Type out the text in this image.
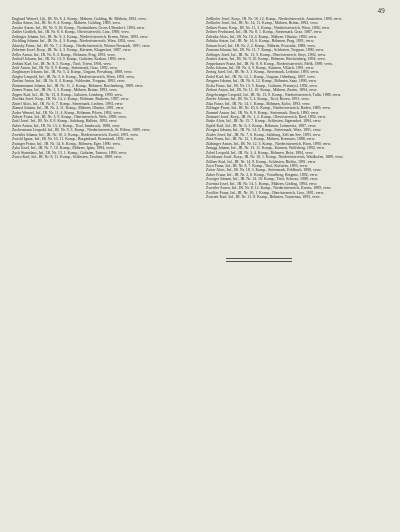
49

Englund Wenzel, Lth., IR. Nr. 8, 4. Komp., Mähren, Golding, Br. Blüheia, 1892, verw.

Zettka Anton, Inf., IR. Nr. 8, 4. Komp., Mähren, Golding, 1889, verw.

Zasche Anton, Inf., IR. Nr. 9, 10. Komp., Nordmähren, Gross-Ullersdorf, 1894, verw.

Zahler Gottlieb, Inf., IR. Nr. 8, 6. Komp., Oberösterreich, Linz, 1890, verw.

Zeilinger Johann, Inf., IR. Nr. 9, 2. Komp., Niederösterreich, Krems, Wien, 1893, verw.

Zöchling Johann, Inf., IR. Nr. 4, 3. Komp., Niederösterreich, Wien, 1892, verw.

Zdarsky Franz, Inf., IR. Nr. 7, 2. Komp., Niederösterreich, Wiener-Neustadt, 1891, verw.

Zehetner Josef, Korp., IR. Nr. 2, 5. Komp., Kärnten, Klagenfurt, 1887, verw.

Zeller Anton, Inf., IR. Nr. 8, 4. Komp., Böhmen, Prag, 1893, verw.

Zerhoff Johann, Inf., IR. Nr. 13, 9. Komp., Galizien, Krakau, 1890, verw.

Zerbini Karl, Inf., IR. Nr. 8, 5. Komp., Tirol, Trient, 1894, verw.

Zettl Anton, Inf., IR. Nr. 9, 9. Komp., Steiermark, Graz, 1892, verw.

Zieglmayer Johann, Inf., IR. Nr. 5, 4. Komp., Ungarn, Pressburg, 1888, verw.

Ziegler Leopold, Inf., IR. Nr. 5, 6. Komp., Niederösterreich, Wien, 1891, verw.

Zierhut Anton, Inf., IR. Nr. 8, 4. Komp., Schlesien, Troppau, 1892, verw.

Zimmermann Johann, Inf., IR. Nr. 11, 2. Komp., Böhmen, Reichenberg, 1889, verw.

Zinner Franz, Inf., IR. Nr. 1, 3. Komp., Mähren, Brünn, 1893, verw.

Zipper Karl, Inf., IR. Nr. 13, 8. Komp., Galizien, Lemberg, 1890, verw.

Zischka Josef, Korp., IR. Nr. 14, 2. Komp., Böhmen, Budweis, 1887, verw.

Zitterl Alois, Inf., IR. Nr. 6, 7. Komp., Steiermark, Leoben, 1894, verw.

Zlamal Johann, Inf., IR. Nr. 2, 11. Komp., Mähren, Olmütz, 1891, verw.

Zoder Wenzel, Inf., IR. Nr. 11, 4. Komp., Böhmen, Pilsen, 1892, verw.

Zöhrer Franz, Inf., IR. Nr. 3, 9. Komp., Oberösterreich, Wels, 1890, verw.

Zottl Josef, Inf., IR. Nr. 8, 8. Komp., Salzburg, Hallein, 1893, verw.

Zuber Anton, Inf., IR. Nr. 13, 4. Komp., Tirol, Innsbruck, 1888, verw.

Zuckermann Leopold, Inf., IR. Nr. 9, 3. Komp., Niederösterreich, St. Pölten, 1889, verw.

Zwettler Johann, Inf., IR. Nr. 10, 2. Komp., Niederösterreich, Zwettl, 1891, verw.

Zwickl Ignaz, Inf., IR. Nr. 10, 11. Komp., Burgenland, Eisenstadt, 1892, verw.

Zwinger Franz, Inf., IR. Nr. 14, 6. Komp., Böhmen, Eger, 1890, verw.

Zyka Josef, Inf., IR. Nr. 7, 10. Komp., Mähren, Iglau, 1894, verw.

Zych Stanislaus, Inf., IR. Nr. 13, 1. Komp., Galizien, Tarnow, 1893, verw.

Zwirn Karl, Inf., IR. Nr. 8, 11. Komp., Schlesien, Teschen, 1889, verw.

Zellhofer Josef, Korp., IR. Nr. 10, 12. Komp., Niederösterreich, Amstetten, 1890, verw.

Zeilhofer Josef, Inf., IR. Nr. 14, 11. Komp., Mähren, Brünn, 1892, verw.

Zeilner Franz, Korp., IR. Nr. 11, 3. Komp., Niederösterreich, Wien, 1894, verw.

Zeilner Ferdinand, Inf., IR. Nr. 8, 1. Komp., Steiermark, Graz, 1887, verw.

Zelenka Alois, Inf., IR. Nr. 10, 4. Komp., Mähren, Olmütz, 1893, verw.

Zelinka Anton, Inf., IR. Nr. 14, 6. Komp., Böhmen, Prag, 1891, verw.

Zeman Josef, Inf., IR. Nr. 2, 2. Komp., Mähren, Prossnitz, 1888, verw.

Zemann Johann, Inf., IR. Nr. 11, 7. Komp., Schlesien, Troppau, 1890, verw.

Zeilinger Josef, Inf., IR. Nr. 13, 5. Komp., Oberösterreich, Steyr, 1892, verw.

Zenker Anton, Inf., IR. Nr. 9, 10. Komp., Böhmen, Reichenberg, 1894, verw.

Zeppelzauer Franz, Inf., IR. Nr. 8, 8. Komp., Niederösterreich, Melk, 1889, verw.

Zerbs Johann, Inf., IR. Nr. 4, 9. Komp., Kärnten, Villach, 1891, verw.

Zernig Josef, Inf., IR. Nr. 3, 3. Komp., Steiermark, Leibnitz, 1893, verw.

Zettel Karl, Inf., IR. Nr. 12, 1. Komp., Ungarn, Ödenburg, 1887, verw.

Zeugner Johann, Inf., IR. Nr. 6, 12. Komp., Böhmen, Saaz, 1890, verw.

Zicha Franz, Inf., IR. Nr. 13, 5. Komp., Galizien, Przemysl, 1892, verw.

Ziebart Anton, Inf., IR. Nr. 11, 10. Komp., Mähren, Znaim, 1894, verw.

Ziegelwanger Leopold, Inf., IR. Nr. 13, 8. Komp., Niederösterreich, Tulln, 1888, verw.

Zierler Johann, Inf., IR. Nr. 5, 4. Komp., Tirol, Bozen, 1891, verw.

Zika Franz, Inf., IR. Nr. 14, 1. Komp., Böhmen, Kolin, 1893, verw.

Zillinger Franz, Inf., IR. Nr. 10, 6. Komp., Niederösterreich, Baden, 1889, verw.

Zimmel Anton, Inf., IR. Nr. 8, 9. Komp., Steiermark, Bruck, 1890, verw.

Zimmerl Josef, Korp., IR. Nr. 1, 2. Komp., Oberösterreich, Ried, 1892, verw.

Zinke Alois, Inf., IR. Nr. 15, 7. Komp., Schlesien, Jägerndorf, 1894, verw.

Zipfel Karl, Inf., IR. Nr. 6, 3. Komp., Böhmen, Leitmeritz, 1887, verw.

Zirngast Johann, Inf., IR. Nr. 14, 5. Komp., Steiermark, Weiz, 1891, verw.

Zistler Josef, Inf., IR. Nr. 7, 6. Komp., Salzburg, Zell am See, 1893, verw.

Zitta Franz, Inf., IR. Nr. 12, 1. Komp., Mähren, Kremsier, 1888, verw.

Zlabinger Anton, Inf., IR. Nr. 12, 3. Komp., Niederösterreich, Horn, 1890, verw.

Zmugg Johann, Inf., IR. Nr. 13, 11. Komp., Kärnten, Wolfsberg, 1892, verw.

Zobel Leopold, Inf., IR. Nr. 3, 4. Komp., Böhmen, Brüx, 1894, verw.

Zöchbauer Josef, Korp., IR. Nr. 10, 1. Komp., Niederösterreich, Waidhofen, 1889, verw.

Zöllner Karl, Inf., IR. Nr. 14, 8. Komp., Schlesien, Bielitz, 1891, verw.

Zorn Franz, Inf., IR. Nr. 8, 7. Komp., Tirol, Kufstein, 1893, verw.

Zotter Alois, Inf., IR. Nr. 18, 3. Komp., Steiermark, Feldbach, 1890, verw.

Zuber Franz, Inf., IR. Nr. 2, 6. Komp., Vorarlberg, Bregenz, 1892, verw.

Zwerger Johann, Inf., IR. Nr. 14, 10. Komp., Tirol, Schwaz, 1888, verw.

Zwerina Josef, Inf., IR. Nr. 14, 1. Komp., Mähren, Göding, 1894, verw.

Zwettler Anton, Inf., IR. Nr. 8, 12. Komp., Niederösterreich, Krems, 1889, verw.

Zwölfer Franz, Inf., IR. Nr. 10, 1. Komp., Oberösterreich, Linz, 1891, verw.

Zwirner Karl, Inf., IR. Nr. 11, 8. Komp., Böhmen, Trautenau, 1893, verw.
